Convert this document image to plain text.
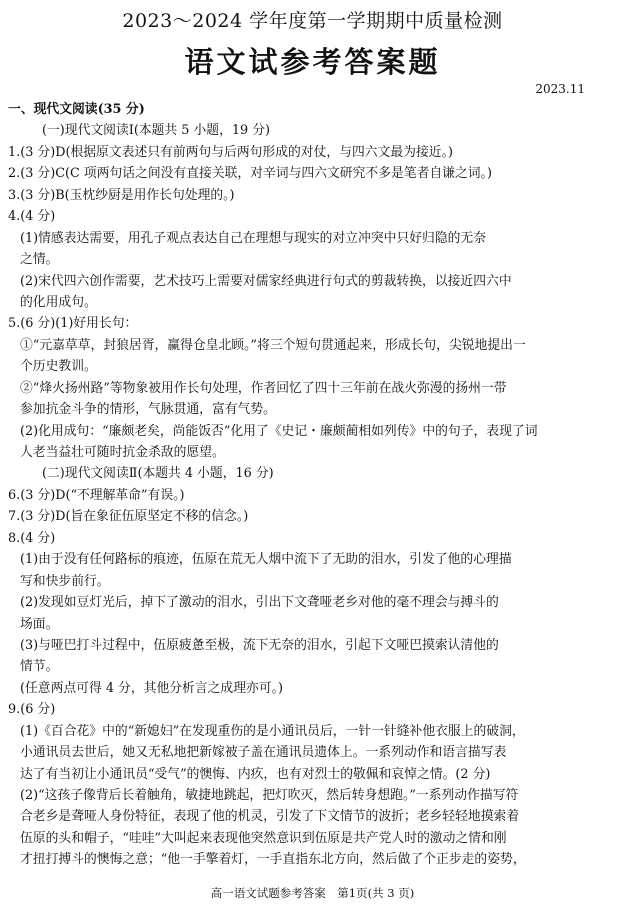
2023～2024 学年度第一学期期中质量检测
语文试参考答案题
2023.11
一、现代文阅读(35 分)
(一)现代文阅读Ⅰ(本题共 5 小题，19 分)
1.(3 分)D(根据原文表述只有前两句与后两句形成的对仗，与四六文最为接近。)
2.(3 分)C(C 项两句话之间没有直接关联，对辛词与四六文研究不多是笔者自谦之词。)
3.(3 分)B(玉枕纱厨是用作长句处理的。)
4.(4 分)
(1)情感表达需要，用孔子观点表达自己在理想与现实的对立冲突中只好归隐的无奈
之情。
(2)宋代四六创作需要，艺术技巧上需要对儒家经典进行句式的剪裁转换，以接近四六中
的化用成句。
5.(6 分)(1)好用长句：
①“元嘉草草，封狼居胥，赢得仓皇北顾。”将三个短句贯通起来，形成长句，尖锐地提出一
个历史教训。
②“烽火扬州路”等物象被用作长句处理，作者回忆了四十三年前在战火弥漫的扬州一带
参加抗金斗争的情形，气脉贯通，富有气势。
(2)化用成句：“廉颇老矣，尚能饭否”化用了《史记・廉颇蔺相如列传》中的句子，表现了词
人老当益壮可随时抗金杀敌的愿望。
(二)现代文阅读Ⅱ(本题共 4 小题，16 分)
6.(3 分)D(“不理解革命”有误。)
7.(3 分)D(旨在象征伍原坚定不移的信念。)
8.(4 分)
(1)由于没有任何路标的痕迹，伍原在荒无人烟中流下了无助的泪水，引发了他的心理描
写和快步前行。
(2)发现如豆灯光后，掉下了激动的泪水，引出下文聋哑老乡对他的毫不理会与搏斗的
场面。
(3)与哑巴打斗过程中，伍原疲惫至极，流下无奈的泪水，引起下文哑巴摸索认清他的
情节。
(任意两点可得 4 分，其他分析言之成理亦可。)
9.(6 分)
(1)《百合花》中的“新媳妇”在发现重伤的是小通讯员后，一针一针缝补他衣服上的破洞，
小通讯员去世后，她又无私地把新嫁被子盖在通讯员遗体上。一系列动作和语言描写表
达了有当初让小通讯员“受气”的懊悔、内疚，也有对烈士的敬佩和哀悼之情。(2 分)
(2)“这孩子像背后长着触角，敏捷地跳起，把灯吹灭，然后转身想跑。”一系列动作描写符
合老乡是聋哑人身份特征，表现了他的机灵，引发了下文情节的波折；老乡轻轻地摸索着
伍原的头和帽子，“哇哇”大叫起来表现他突然意识到伍原是共产党人时的激动之情和刚
才扭打搏斗的懊悔之意；“他一手擎着灯，一手直指东北方向，然后做了个正步走的姿势，
高一语文试题参考答案　第1页(共 3 页)
